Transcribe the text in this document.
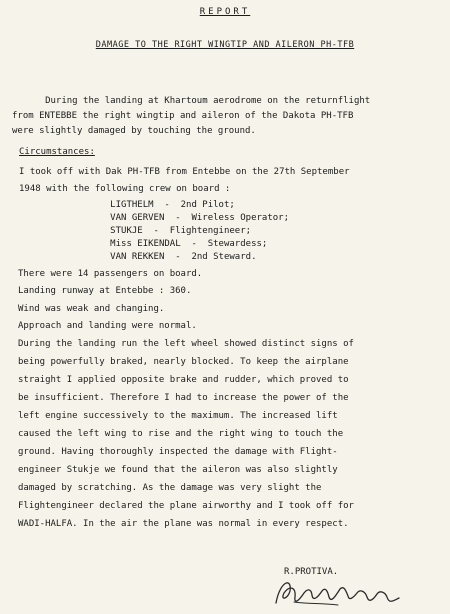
REPORT
DAMAGE TO THE RIGHT WINGTIP AND AILERON PH-TFB
During the landing at Khartoum aerodrome on the returnflight
from ENTEBBE the right wingtip and aileron of the Dakota PH-TFB
were slightly damaged by touching the ground.
Circumstances:
I took off with Dak PH-TFB from Entebbe on the 27th September
1948 with the following crew on board :
LIGTHELM  -  2nd Pilot;
VAN GERVEN  -  Wireless Operator;
STUKJE  -  Flightengineer;
Miss EIKENDAL  -  Stewardess;
VAN REKKEN  -  2nd Steward.
There were 14 passengers on board.
Landing runway at Entebbe : 360.
Wind was weak and changing.
Approach and landing were normal.
During the landing run the left wheel showed distinct signs of
being powerfully braked, nearly blocked. To keep the airplane
straight I applied opposite brake and rudder, which proved to
be insufficient. Therefore I had to increase the power of the
left engine successively to the maximum. The increased lift
caused the left wing to rise and the right wing to touch the
ground. Having thoroughly inspected the damage with Flight-
engineer Stukje we found that the aileron was also slightly
damaged by scratching. As the damage was very slight the
Flightengineer declared the plane airworthy and I took off for
WADI-HALFA. In the air the plane was normal in every respect.
R.PROTIVA.
